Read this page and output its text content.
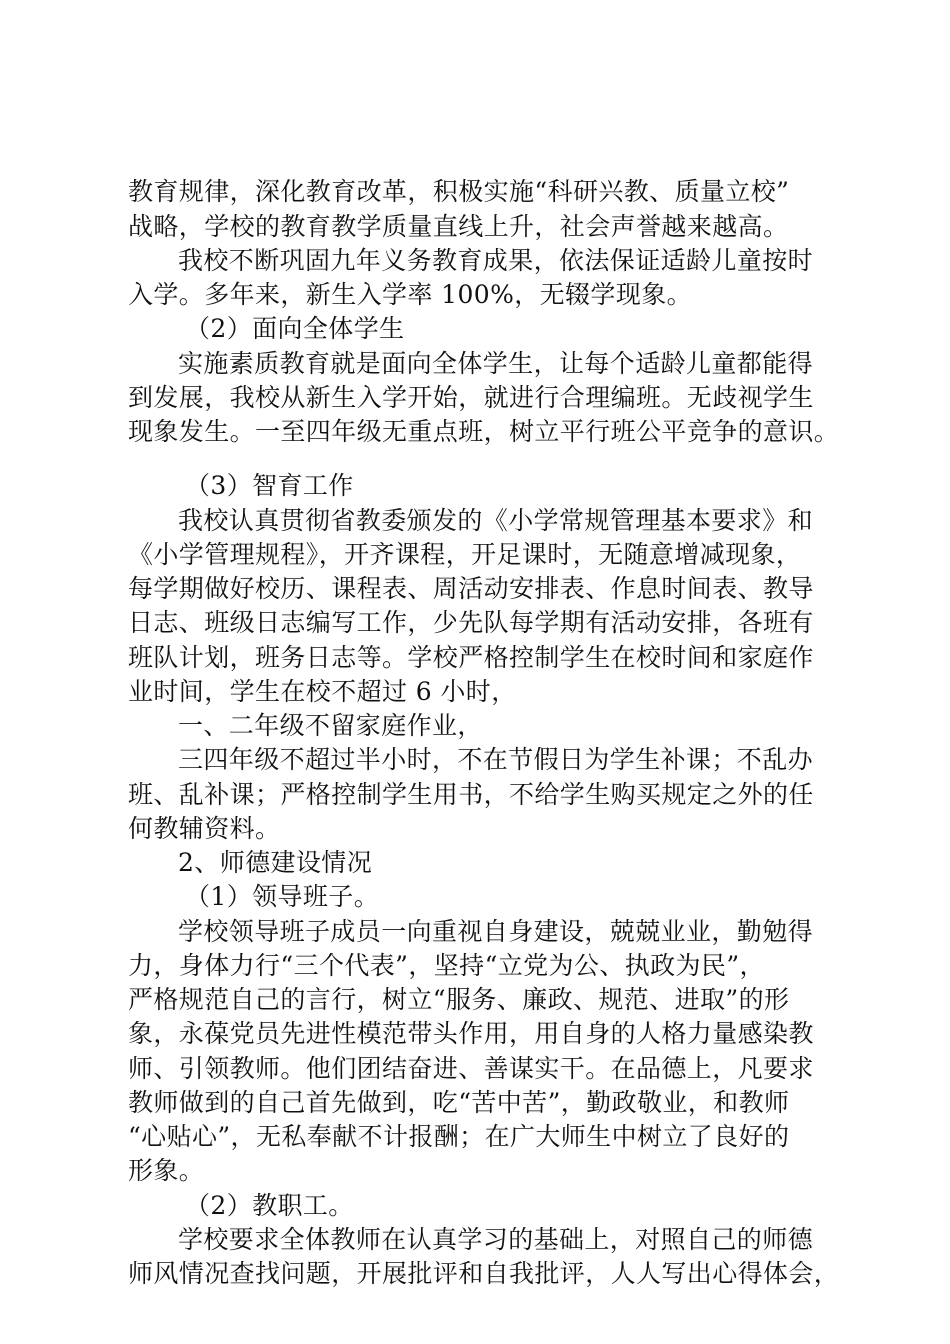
教育规律，深化教育改革，积极实施“科研兴教、质量立校”
战略，学校的教育教学质量直线上升，社会声誉越来越高。
我校不断巩固九年义务教育成果，依法保证适龄儿童按时
入学。多年来，新生入学率 100%，无辍学现象。
（2）面向全体学生
实施素质教育就是面向全体学生，让每个适龄儿童都能得
到发展，我校从新生入学开始，就进行合理编班。无歧视学生
现象发生。一至四年级无重点班，树立平行班公平竞争的意识。
（3）智育工作
我校认真贯彻省教委颁发的《小学常规管理基本要求》和
《小学管理规程》，开齐课程，开足课时，无随意增减现象，
每学期做好校历、课程表、周活动安排表、作息时间表、教导
日志、班级日志编写工作，少先队每学期有活动安排，各班有
班队计划，班务日志等。学校严格控制学生在校时间和家庭作
业时间，学生在校不超过 6 小时，
一、二年级不留家庭作业，
三四年级不超过半小时，不在节假日为学生补课；不乱办
班、乱补课；严格控制学生用书，不给学生购买规定之外的任
何教辅资料。
2、师德建设情况
（1）领导班子。
学校领导班子成员一向重视自身建设，兢兢业业，勤勉得
力，身体力行“三个代表”，坚持“立党为公、执政为民”，
严格规范自己的言行，树立“服务、廉政、规范、进取”的形
象，永葆党员先进性模范带头作用，用自身的人格力量感染教
师、引领教师。他们团结奋进、善谋实干。在品德上，凡要求
教师做到的自己首先做到，吃“苦中苦”，勤政敬业，和教师
“心贴心”，无私奉献不计报酬；在广大师生中树立了良好的
形象。
（2）教职工。
学校要求全体教师在认真学习的基础上，对照自己的师德
师风情况查找问题，开展批评和自我批评，人人写出心得体会，
